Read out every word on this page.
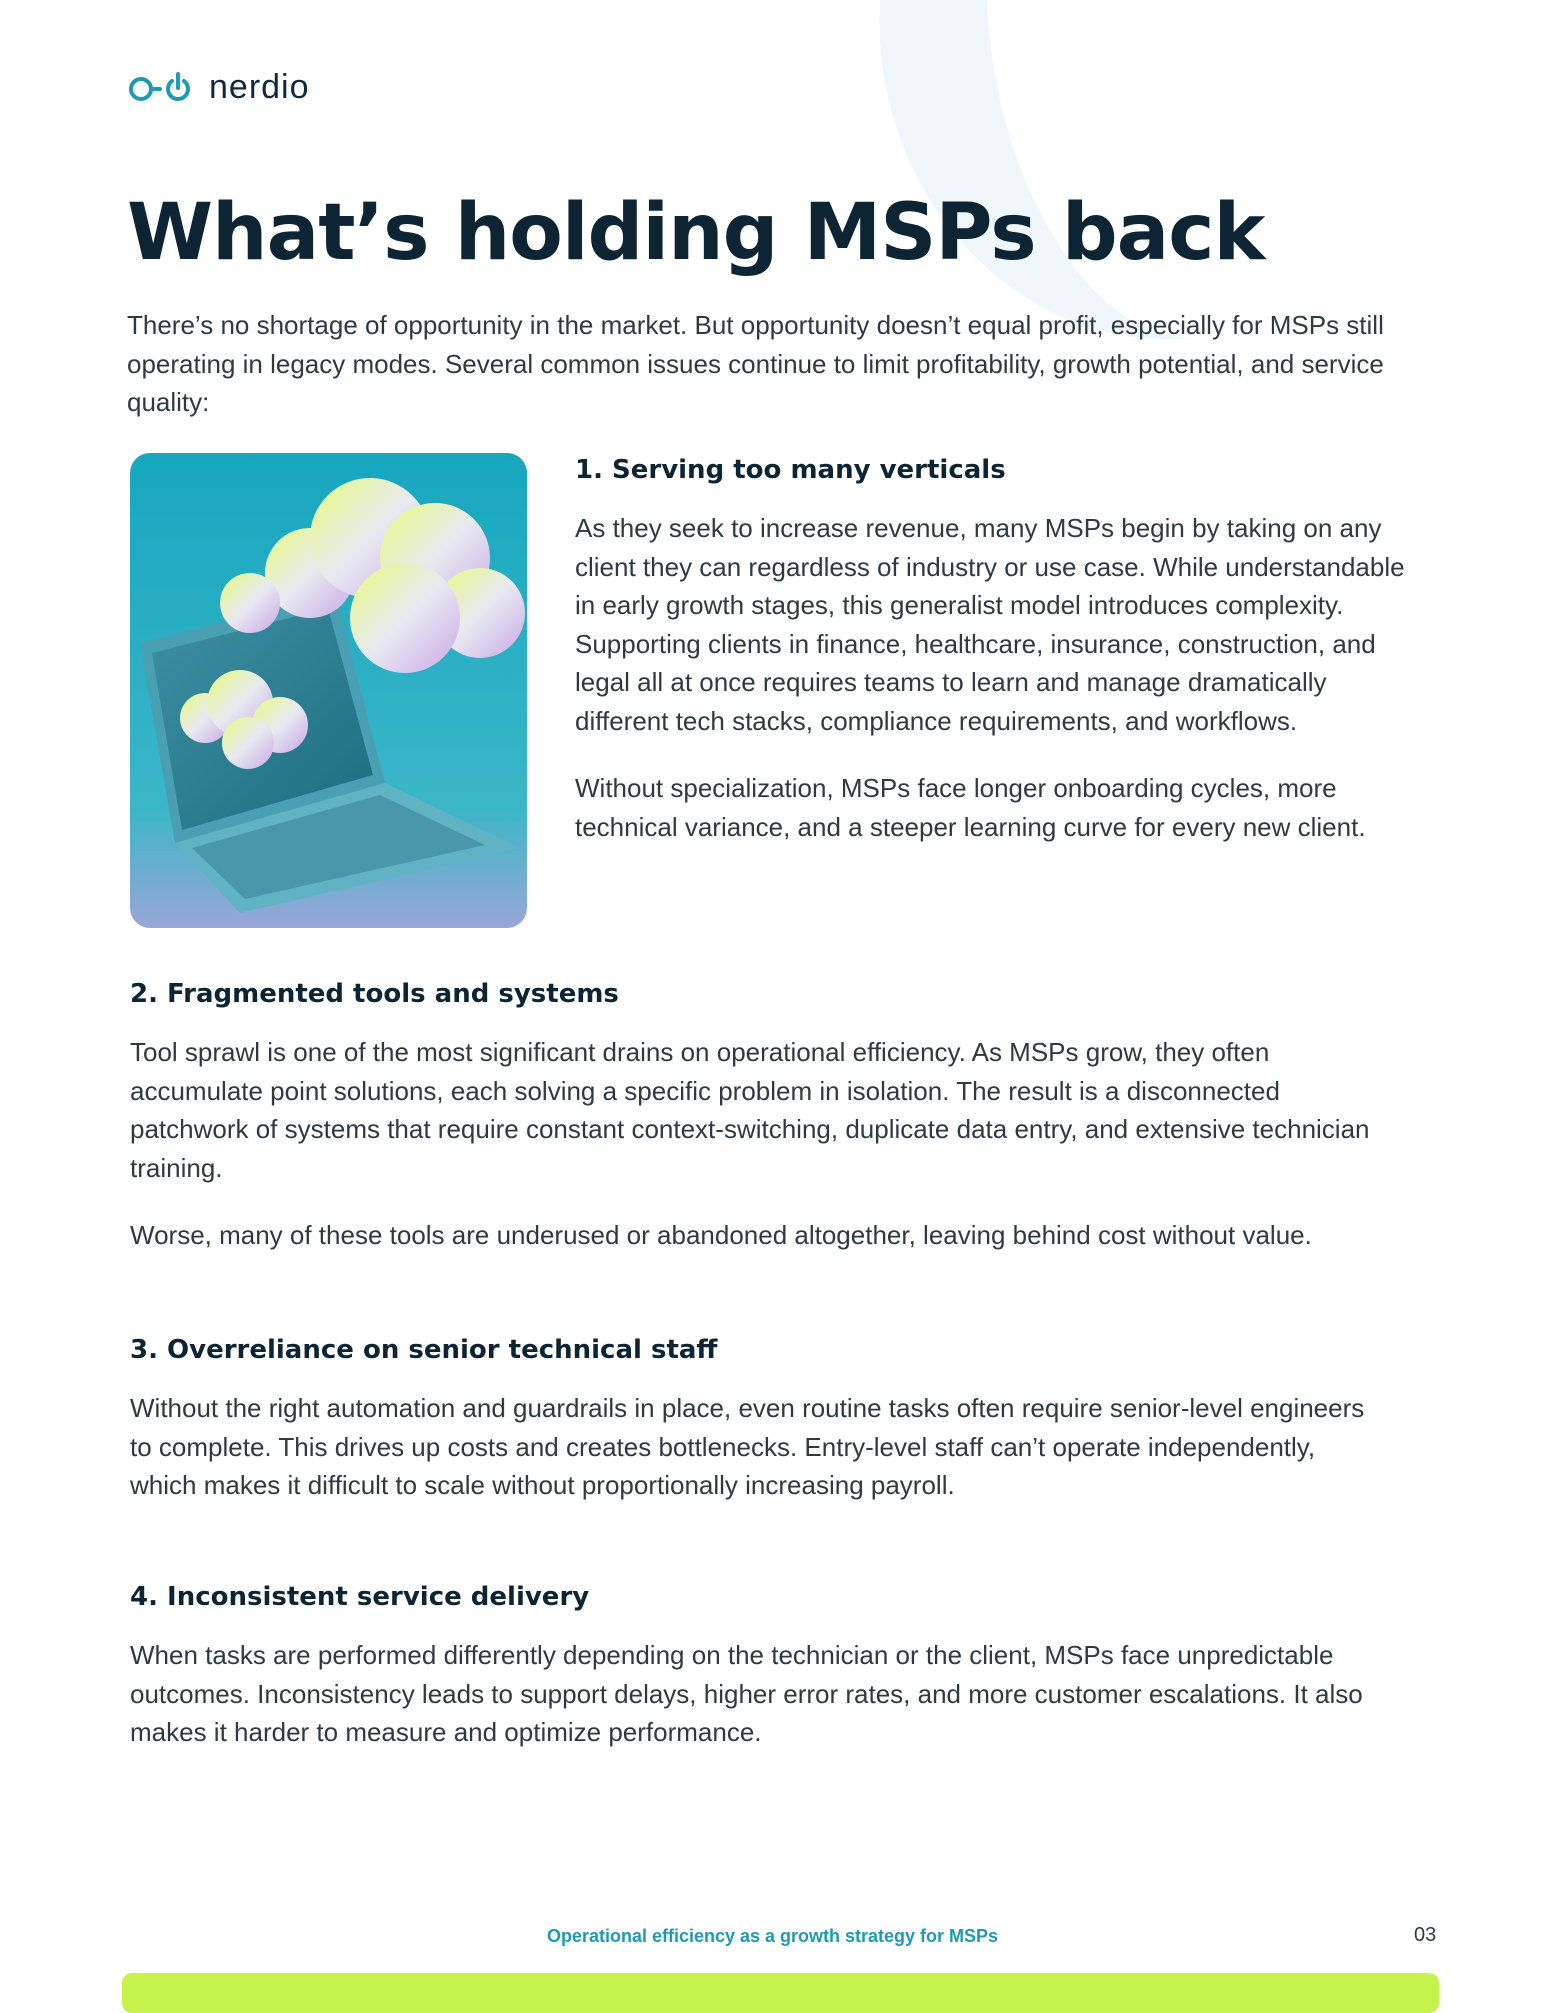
nerdio
What’s holding MSPs back

There’s no shortage of opportunity in the market. But opportunity doesn’t equal profit, especially for MSPs still operating in legacy modes. Several common issues continue to limit profitability, growth potential, and service quality:

1. Serving too many verticals

As they seek to increase revenue, many MSPs begin by taking on any client they can regardless of industry or use case. While understandable in early growth stages, this generalist model introduces complexity. Supporting clients in finance, healthcare, insurance, construction, and legal all at once requires teams to learn and manage dramatically different tech stacks, compliance requirements, and workflows.

Without specialization, MSPs face longer onboarding cycles, more technical variance, and a steeper learning curve for every new client.

2. Fragmented tools and systems

Tool sprawl is one of the most significant drains on operational efficiency. As MSPs grow, they often accumulate point solutions, each solving a specific problem in isolation. The result is a disconnected patchwork of systems that require constant context-switching, duplicate data entry, and extensive technician training.

Worse, many of these tools are underused or abandoned altogether, leaving behind cost without value.

3. Overreliance on senior technical staff

Without the right automation and guardrails in place, even routine tasks often require senior-level engineers to complete. This drives up costs and creates bottlenecks. Entry-level staff can’t operate independently, which makes it difficult to scale without proportionally increasing payroll.

4. Inconsistent service delivery

When tasks are performed differently depending on the technician or the client, MSPs face unpredictable outcomes. Inconsistency leads to support delays, higher error rates, and more customer escalations. It also makes it harder to measure and optimize performance.

Operational efficiency as a growth strategy for MSPs	03
